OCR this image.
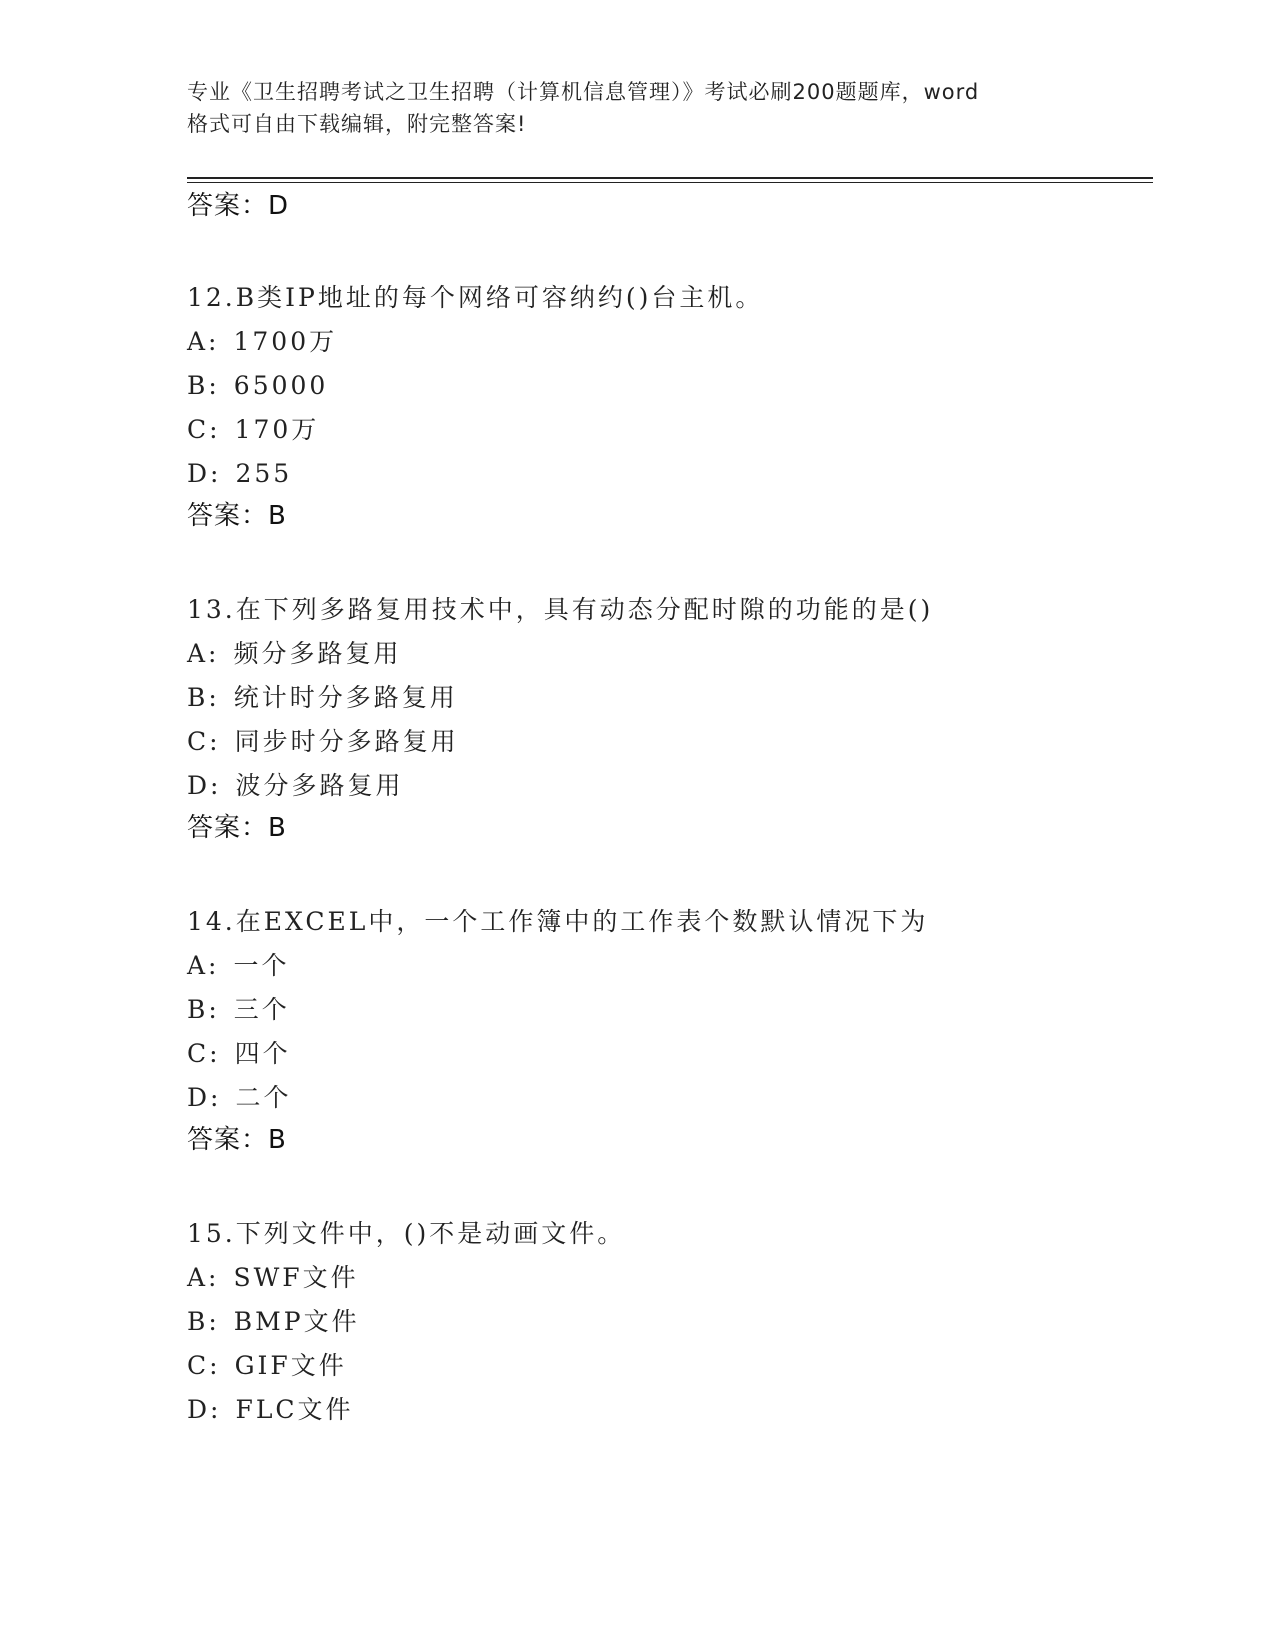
专业《卫生招聘考试之卫生招聘（计算机信息管理）》考试必刷200题题库，word
格式可自由下载编辑，附完整答案!
答案：D
12.B类IP地址的每个网络可容纳约()台主机。
A: 1700万
B: 65000
C: 170万
D: 255
答案：B
13.在下列多路复用技术中，具有动态分配时隙的功能的是()
A: 频分多路复用
B: 统计时分多路复用
C: 同步时分多路复用
D: 波分多路复用
答案：B
14.在EXCEL中，一个工作簿中的工作表个数默认情况下为
A: 一个
B: 三个
C: 四个
D: 二个
答案：B
15.下列文件中，()不是动画文件。
A: SWF文件
B: BMP文件
C: GIF文件
D: FLC文件
